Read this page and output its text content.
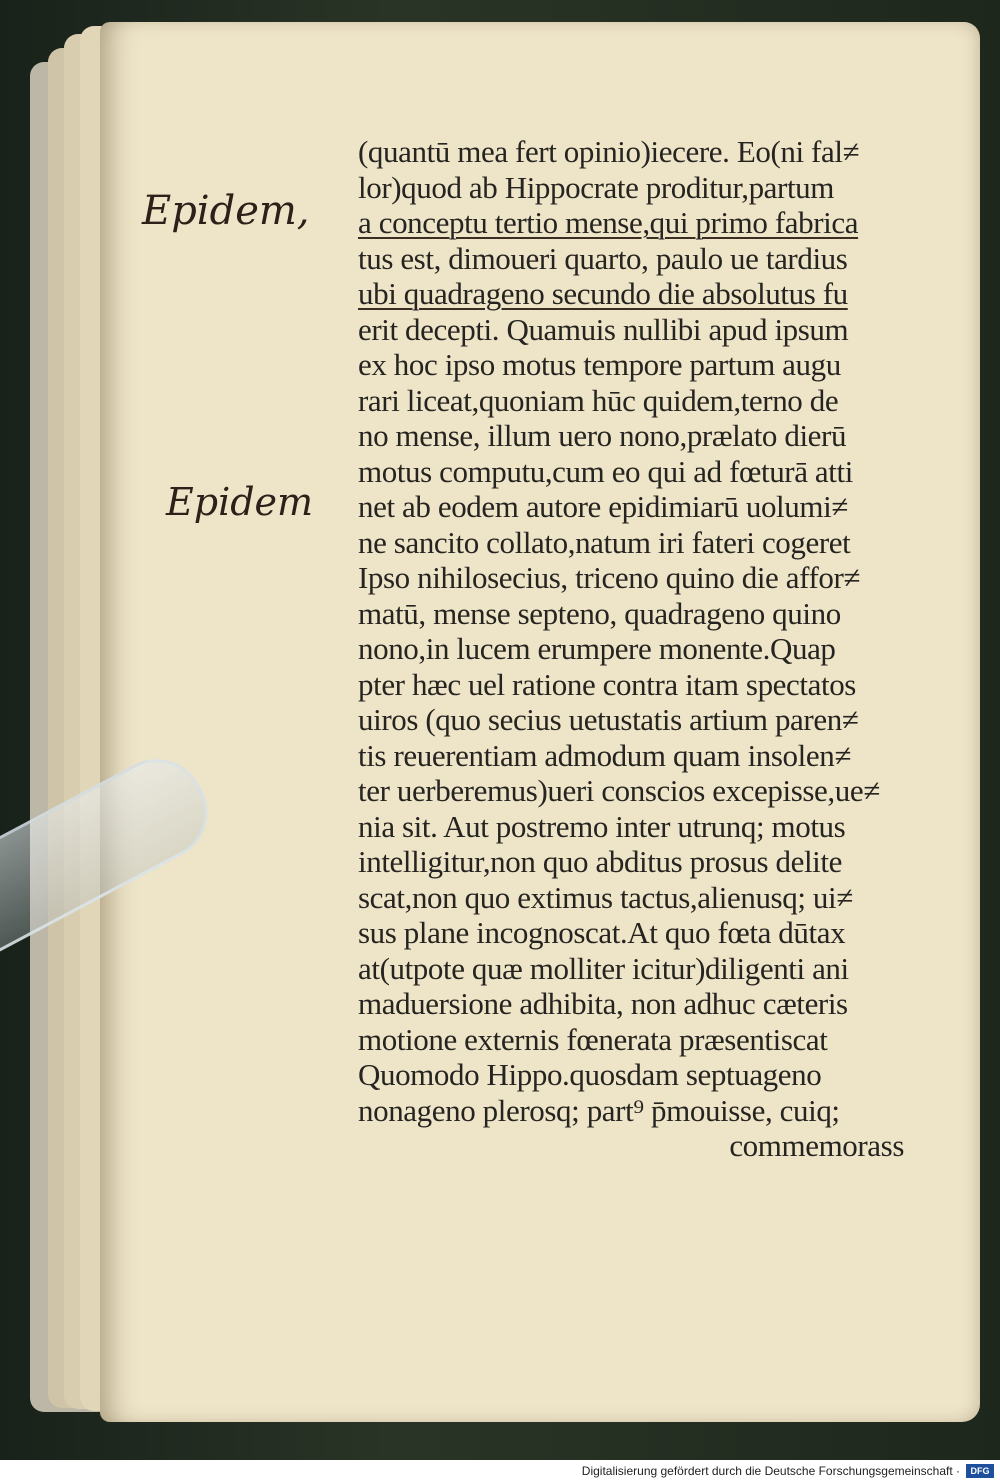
Epidem,
Epidem
(quantū mea fert opinio)iecere. Eo(ni fal≠
lor)quod ab Hippocrate proditur,partum
a conceptu tertio mense,qui primo fabrica
tus est, dimoueri quarto, paulo ue tardius
ubi quadrageno secundo die absolutus fu
erit decepti. Quamuis nullibi apud ipsum
ex hoc ipso motus tempore partum augu
rari liceat,quoniam hūc quidem,terno de
no mense, illum uero nono,prælato dierū
motus computu,cum eo qui ad fœturā atti
net ab eodem autore epidimiarū uolumi≠
ne sancito collato,natum iri fateri cogeret
Ipso nihilosecius, triceno quino die affor≠
matū, mense septeno, quadrageno quino
nono,in lucem erumpere monente.Quap
pter hæc uel ratione contra itam spectatos
uiros (quo secius uetustatis artium paren≠
tis reuerentiam admodum quam insolen≠
ter uerberemus)ueri conscios excepisse,ue≠
nia sit. Aut postremo inter utrunq; motus
intelligitur,non quo abditus prosus delite
scat,non quo extimus tactus,alienusq; ui≠
sus plane incognoscat.At quo fœta dūtax
at(utpote quæ molliter icitur)diligenti ani
maduersione adhibita, non adhuc cæteris
motione externis fœnerata præsentiscat
Quomodo Hippo.quosdam septuageno
nonageno plerosq; part⁹ p̄mouisse, cuiq;
commemorass
Digitalisierung gefördert durch die Deutsche Forschungsgemeinschaft ·	DFG
